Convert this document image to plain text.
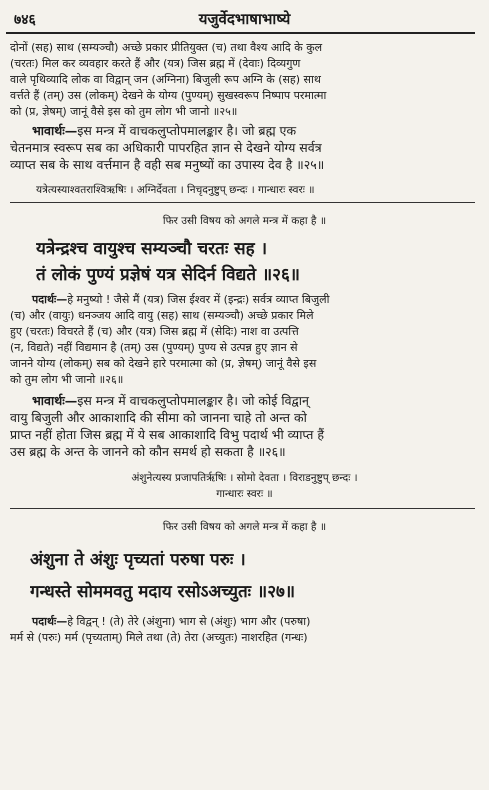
७४६	यजुर्वेदभाषाभाष्ये
दोनों (सह) साथ (सम्यञ्चौ) अच्छे प्रकार प्रीतियुक्त (च) तथा वैश्य आदि के कुल
(चरतः) मिल कर व्यवहार करते हैं और (यत्र) जिस ब्रह्म में (देवाः) दिव्यगुण
वाले पृथिव्यादि लोक वा विद्वान् जन (अग्निना) बिजुली रूप अग्नि के (सह) साथ
वर्त्तते हैं (तम्) उस (लोकम्) देखने के योग्य (पुण्यम्) सुखस्वरूप निष्पाप परमात्मा
को (प्र, ज्ञेषम्) जानूं वैसे इस को तुम लोग भी जानो ॥२५॥
भावार्थः—इस मन्त्र में वाचकलुप्तोपमालङ्कार है। जो ब्रह्म एक
चेतनमात्र स्वरूप सब का अधिकारी पापरहित ज्ञान से देखने योग्य सर्वत्र
व्याप्त सब के साथ वर्त्तमान है वही सब मनुष्यों का उपास्य देव है ॥२५॥
यत्रेत्यस्याश्वतराश्विऋषिः । अग्निर्देवता । निचृदनुष्टुप् छन्दः । गान्धारः स्वरः ॥
फिर उसी विषय को अगले मन्त्र में कहा है ॥
यत्रेन्द्रश्च वायुश्च सम्यञ्चौ चरतः सह ।
तं लोकं पुण्यं प्रज्ञेषं यत्र सेदिर्न विद्यते ॥२६॥
पदार्थः—हे मनुष्यो ! जैसे मैं (यत्र) जिस ईश्वर में (इन्द्रः) सर्वत्र व्याप्त बिजुली
(च) और (वायुः) धनञ्जय आदि वायु (सह) साथ (सम्यञ्चौ) अच्छे प्रकार मिले
हुए (चरतः) विचरते हैं (च) और (यत्र) जिस ब्रह्म में (सेदिः) नाश वा उत्पत्ति
(न, विद्यते) नहीं विद्यमान है (तम्) उस (पुण्यम्) पुण्य से उत्पन्न हुए ज्ञान से
जानने योग्य (लोकम्) सब को देखने हारे परमात्मा को (प्र, ज्ञेषम्) जानूं वैसे इस
को तुम लोग भी जानो ॥२६॥
भावार्थः—इस मन्त्र में वाचकलुप्तोपमालङ्कार है। जो कोई विद्वान्
वायु बिजुली और आकाशादि की सीमा को जानना चाहे तो अन्त को
प्राप्त नहीं होता जिस ब्रह्म में ये सब आकाशादि विभु पदार्थ भी व्याप्त हैं
उस ब्रह्म के अन्त के जानने को कौन समर्थ हो सकता है ॥२६॥
अंशुनेत्यस्य प्रजापतिर्ऋषिः । सोमो देवता । विराडनुष्टुप् छन्दः ।
गान्धारः स्वरः ॥
फिर उसी विषय को अगले मन्त्र में कहा है ॥
अंशुना ते अंशुः पृच्यतां परुषा परुः ।
गन्धस्ते सोममवतु मदाय रसोऽअच्युतः ॥२७॥
पदार्थः—हे विद्वन् ! (ते) तेरे (अंशुना) भाग से (अंशुः) भाग और (परुषा)
मर्म से (परुः) मर्म (पृच्यताम्) मिले तथा (ते) तेरा (अच्युतः) नाशरहित (गन्धः)
